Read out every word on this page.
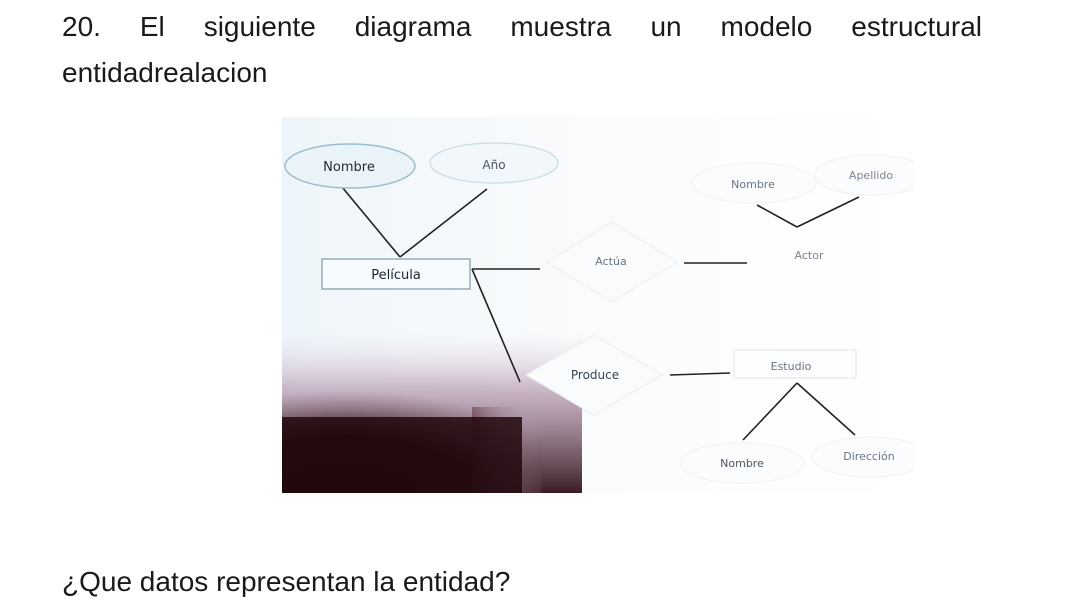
20. El siguiente diagrama muestra un modelo estructural
entidadrealacion
Nombre	Año
Película
Actúa
Produce
Nombre
Apellido
Actor
Estudio
Nombre
Dirección

¿Que datos representan la entidad?
